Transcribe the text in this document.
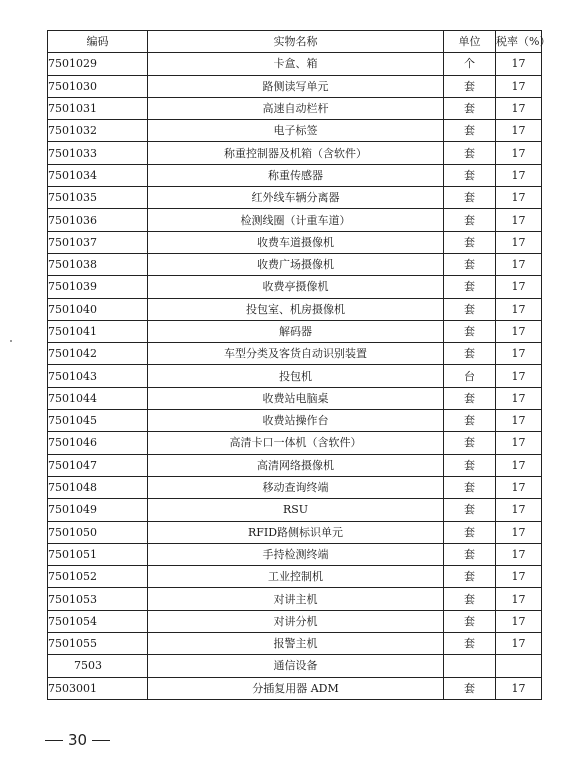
编码	实物名称	单位	税率（%）
7501029	卡盒、箱	个	17
7501030	路侧读写单元	套	17
7501031	高速自动栏杆	套	17
7501032	电子标签	套	17
7501033	称重控制器及机箱（含软件）	套	17
7501034	称重传感器	套	17
7501035	红外线车辆分离器	套	17
7501036	检测线圈（计重车道）	套	17
7501037	收费车道摄像机	套	17
7501038	收费广场摄像机	套	17
7501039	收费亭摄像机	套	17
7501040	投包室、机房摄像机	套	17
7501041	解码器	套	17
7501042	车型分类及客货自动识别装置	套	17
7501043	投包机	台	17
7501044	收费站电脑桌	套	17
7501045	收费站操作台	套	17
7501046	高清卡口一体机（含软件）	套	17
7501047	高清网络摄像机	套	17
7501048	移动查询终端	套	17
7501049	RSU	套	17
7501050	RFID路侧标识单元	套	17
7501051	手持检测终端	套	17
7501052	工业控制机	套	17
7501053	对讲主机	套	17
7501054	对讲分机	套	17
7501055	报警主机	套	17
7503	通信设备		
7503001	分插复用器 ADM	套	17
30
